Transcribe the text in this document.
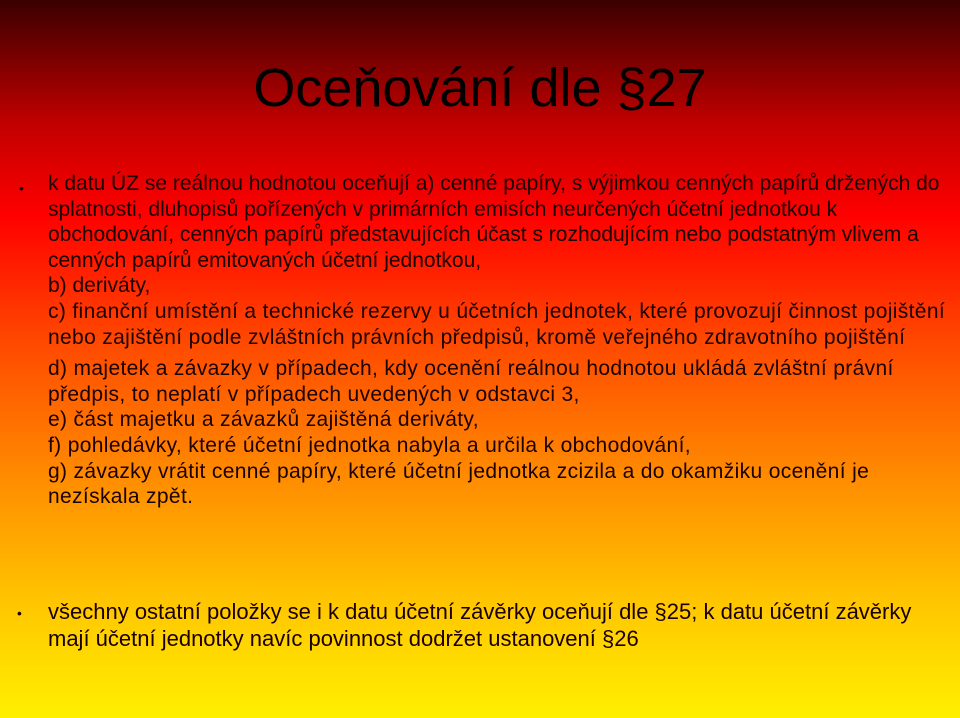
Oceňování dle §27
• k datu ÚZ se reálnou hodnotou oceňují a) cenné papíry, s výjimkou cenných papírů držených do splatnosti, dluhopisů pořízených v primárních emisích neurčených účetní jednotkou k obchodování, cenných papírů představujících účast s rozhodujícím nebo podstatným vlivem a cenných papírů emitovaných účetní jednotkou,
b) deriváty,
c) finanční umístění a technické rezervy u účetních jednotek, které provozují činnost pojištění nebo zajištění podle zvláštních právních předpisů, kromě veřejného zdravotního pojištění
d) majetek a závazky v případech, kdy ocenění reálnou hodnotou ukládá zvláštní právní předpis, to neplatí v případech uvedených v odstavci 3,
e) část majetku a závazků zajištěná deriváty,
f) pohledávky, které účetní jednotka nabyla a určila k obchodování,
g) závazky vrátit cenné papíry, které účetní jednotka zcizila a do okamžiku ocenění je nezískala zpět.
• všechny ostatní položky se i k datu účetní závěrky oceňují dle §25; k datu účetní závěrky mají účetní jednotky navíc povinnost dodržet ustanovení §26
